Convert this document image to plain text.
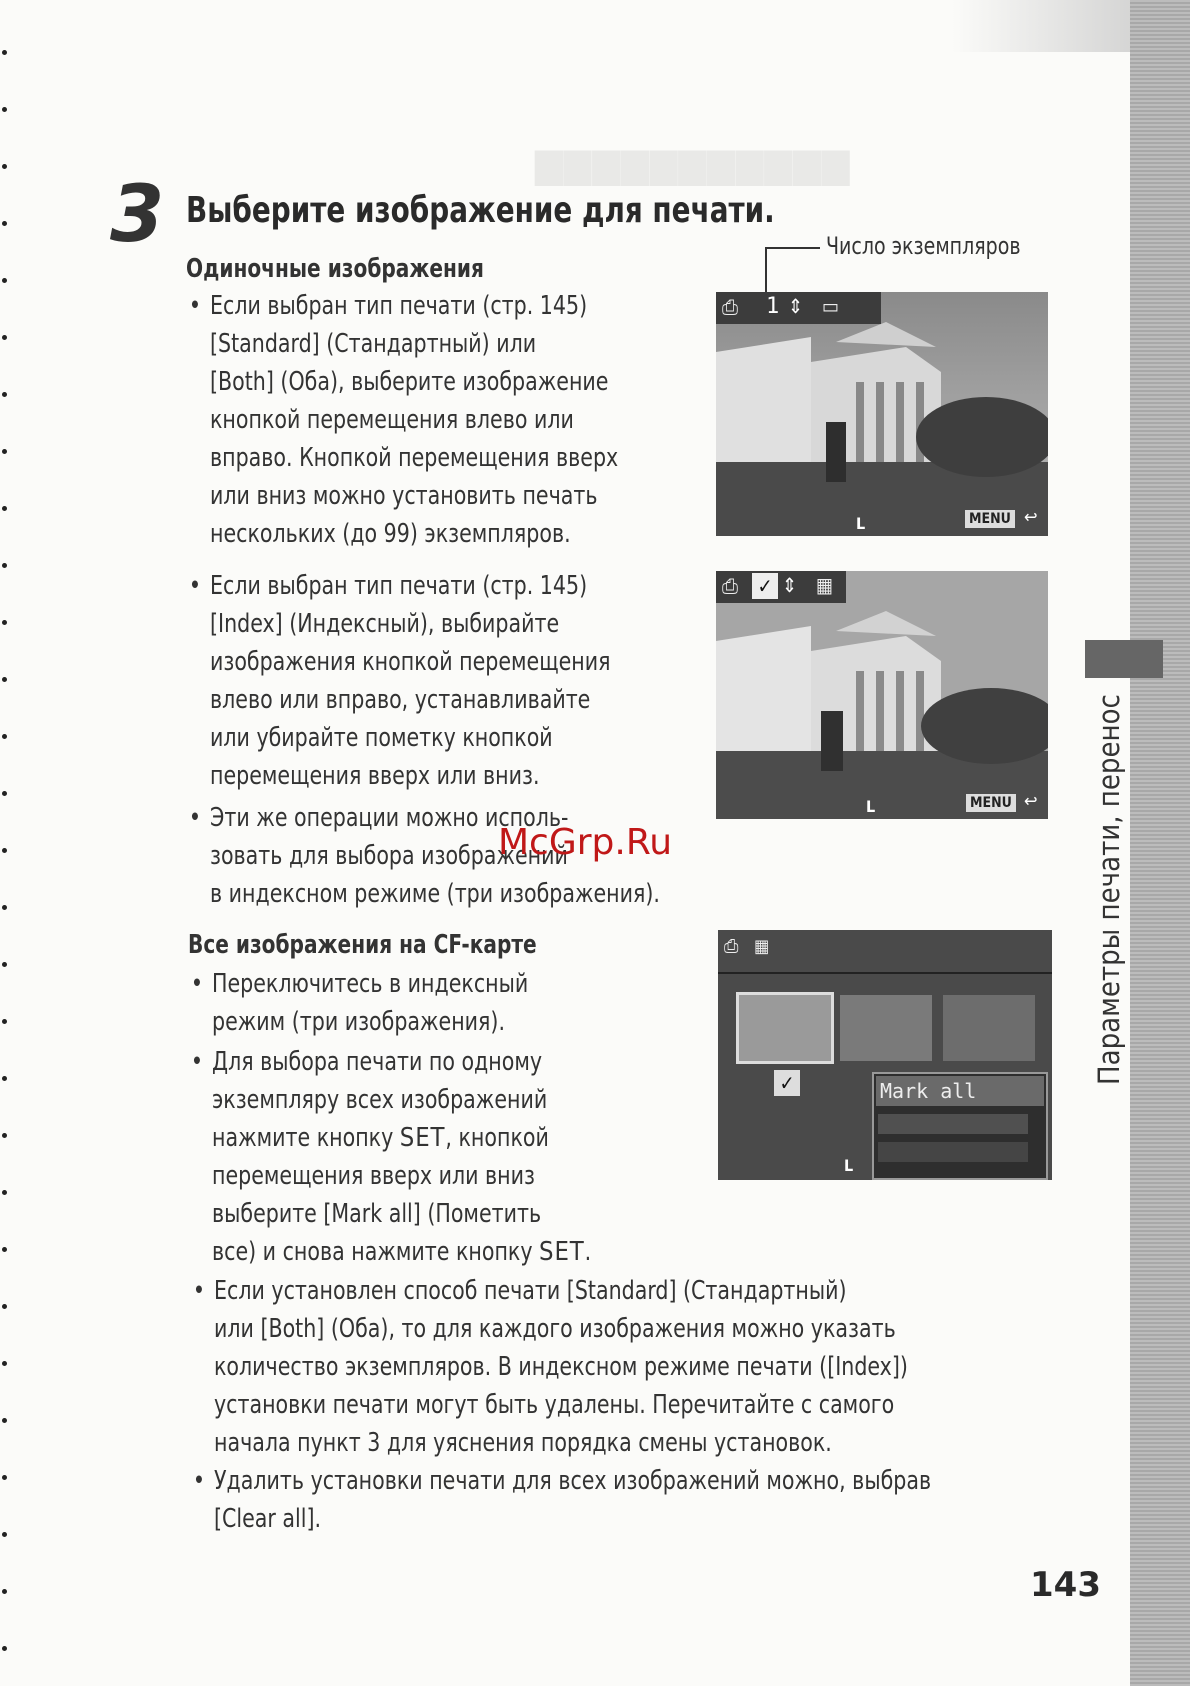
▆▆▆▆▆▆▆▆▆▆▆
3 Выберите изображение для печати.
Число экземпляров
Одиночные изображения
• Если выбран тип печати (стр. 145)
[Standard] (Стандартный) или
[Both] (Оба), выберите изображение
кнопкой перемещения влево или
вправо. Кнопкой перемещения вверх
или вниз можно установить печать
нескольких (до 99) экземпляров.
• Если выбран тип печати (стр. 145)
[Index] (Индексный), выбирайте
изображения кнопкой перемещения
влево или вправо, устанавливайте
или убирайте пометку кнопкой
перемещения вверх или вниз.
• Эти же операции можно исполь-
зовать для выбора изображений
в индексном режиме (три изображения).
Все изображения на CF-карте
• Переключитесь в индексный
режим (три изображения).
• Для выбора печати по одному
экземпляру всех изображений
нажмите кнопку SET, кнопкой
перемещения вверх или вниз
выберите [Mark all] (Пометить
все) и снова нажмите кнопку SET.
• Если установлен способ печати [Standard] (Стандартный)
или [Both] (Оба), то для каждого изображения можно указать
количество экземпляров. В индексном режиме печати ([Index])
установки печати могут быть удалены. Перечитайте с самого
начала пункт 3 для уяснения порядка смены установок.
• Удалить установки печати для всех изображений можно, выбрав
[Clear all].
⎙ 1 ⇕ ▭
L	MENU ↩
⎙ ✓ ⇕ ▦
L	MENU ↩
⎙ ▦
✓	Mark all
L
Параметры печати, перенос
McGrp.Ru
143
